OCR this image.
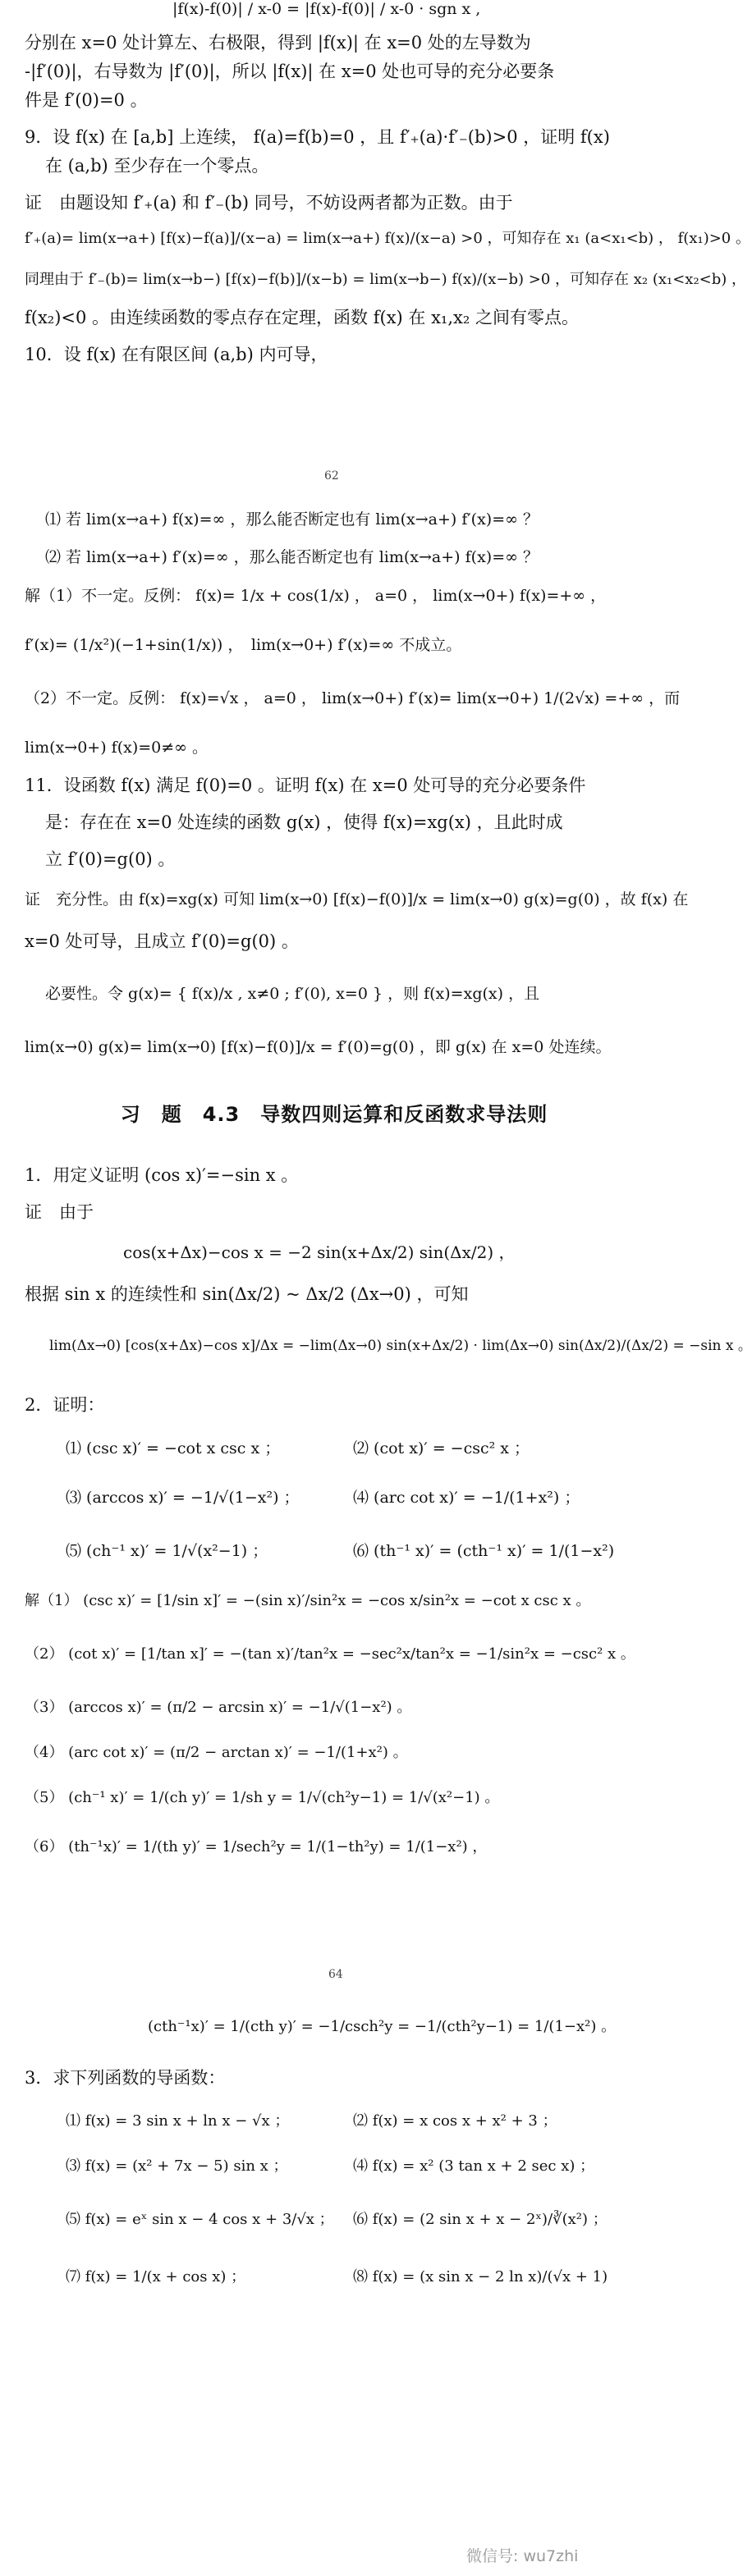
|f(x)-f(0)| / x-0 = |f(x)-f(0)| / x-0 · sgn x ,
分别在 x=0 处计算左、右极限，得到 |f(x)| 在 x=0 处的左导数为
-|f′(0)|，右导数为 |f′(0)|，所以 |f(x)| 在 x=0 处也可导的充分必要条
件是 f′(0)=0 。
9．设 f(x) 在 [a,b] 上连续， f(a)=f(b)=0 ，且 f′₊(a)·f′₋(b)>0 ，证明 f(x)
在 (a,b) 至少存在一个零点。
证　由题设知 f′₊(a) 和 f′₋(b) 同号，不妨设两者都为正数。由于
f′₊(a)= lim(x→a+) [f(x)−f(a)]/(x−a) = lim(x→a+) f(x)/(x−a) >0 ，可知存在 x₁ (a<x₁<b) ， f(x₁)>0 。
同理由于 f′₋(b)= lim(x→b−) [f(x)−f(b)]/(x−b) = lim(x→b−) f(x)/(x−b) >0 ，可知存在 x₂ (x₁<x₂<b) ，
f(x₂)<0 。由连续函数的零点存在定理，函数 f(x) 在 x₁,x₂ 之间有零点。
10．设 f(x) 在有限区间 (a,b) 内可导，
62
⑴ 若 lim(x→a+) f(x)=∞ ，那么能否断定也有 lim(x→a+) f′(x)=∞ ？
⑵ 若 lim(x→a+) f′(x)=∞ ，那么能否断定也有 lim(x→a+) f(x)=∞ ？
解（1）不一定。反例： f(x)= 1/x + cos(1/x) ， a=0 ， lim(x→0+) f(x)=+∞ ，
f′(x)= (1/x²)(−1+sin(1/x)) ，　lim(x→0+) f′(x)=∞ 不成立。
（2）不一定。反例： f(x)=√x ， a=0 ， lim(x→0+) f′(x)= lim(x→0+) 1/(2√x) =+∞ ，而
lim(x→0+) f(x)=0≠∞ 。
11．设函数 f(x) 满足 f(0)=0 。证明 f(x) 在 x=0 处可导的充分必要条件
是：存在在 x=0 处连续的函数 g(x) ，使得 f(x)=xg(x) ，且此时成
立 f′(0)=g(0) 。
证　充分性。由 f(x)=xg(x) 可知 lim(x→0) [f(x)−f(0)]/x = lim(x→0) g(x)=g(0) ，故 f(x) 在
x=0 处可导，且成立 f′(0)=g(0) 。
必要性。令 g(x)= { f(x)/x , x≠0 ; f′(0), x=0 } ，则 f(x)=xg(x) ，且
lim(x→0) g(x)= lim(x→0) [f(x)−f(0)]/x = f′(0)=g(0) ，即 g(x) 在 x=0 处连续。
习　题　4.3　导数四则运算和反函数求导法则
1．用定义证明 (cos x)′=−sin x 。
证　由于
cos(x+Δx)−cos x = −2 sin(x+Δx/2) sin(Δx/2) ，
根据 sin x 的连续性和 sin(Δx/2) ~ Δx/2 (Δx→0) ，可知
lim(Δx→0) [cos(x+Δx)−cos x]/Δx = −lim(Δx→0) sin(x+Δx/2) · lim(Δx→0) sin(Δx/2)/(Δx/2) = −sin x 。
2．证明：
⑴ (csc x)′ = −cot x csc x ；	⑵ (cot x)′ = −csc² x ；
⑶ (arccos x)′ = −1/√(1−x²) ；	⑷ (arc cot x)′ = −1/(1+x²) ；
⑸ (ch⁻¹ x)′ = 1/√(x²−1) ；	⑹ (th⁻¹ x)′ = (cth⁻¹ x)′ = 1/(1−x²)
解（1） (csc x)′ = [1/sin x]′ = −(sin x)′/sin²x = −cos x/sin²x = −cot x csc x 。
（2） (cot x)′ = [1/tan x]′ = −(tan x)′/tan²x = −sec²x/tan²x = −1/sin²x = −csc² x 。
（3） (arccos x)′ = (π/2 − arcsin x)′ = −1/√(1−x²) 。
（4） (arc cot x)′ = (π/2 − arctan x)′ = −1/(1+x²) 。
（5） (ch⁻¹ x)′ = 1/(ch y)′ = 1/sh y = 1/√(ch²y−1) = 1/√(x²−1) 。
（6） (th⁻¹x)′ = 1/(th y)′ = 1/sech²y = 1/(1−th²y) = 1/(1−x²) ，
64
(cth⁻¹x)′ = 1/(cth y)′ = −1/csch²y = −1/(cth²y−1) = 1/(1−x²) 。
3．求下列函数的导函数：
⑴ f(x) = 3 sin x + ln x − √x ；	⑵ f(x) = x cos x + x² + 3 ；
⑶ f(x) = (x² + 7x − 5) sin x ；	⑷ f(x) = x² (3 tan x + 2 sec x) ；
⑸ f(x) = eˣ sin x − 4 cos x + 3/√x ； ⑹ f(x) = (2 sin x + x − 2ˣ)/∛(x²) ；
⑺ f(x) = 1/(x + cos x) ；	⑻ f(x) = (x sin x − 2 ln x)/(√x + 1)
微信号: wu7zhi
